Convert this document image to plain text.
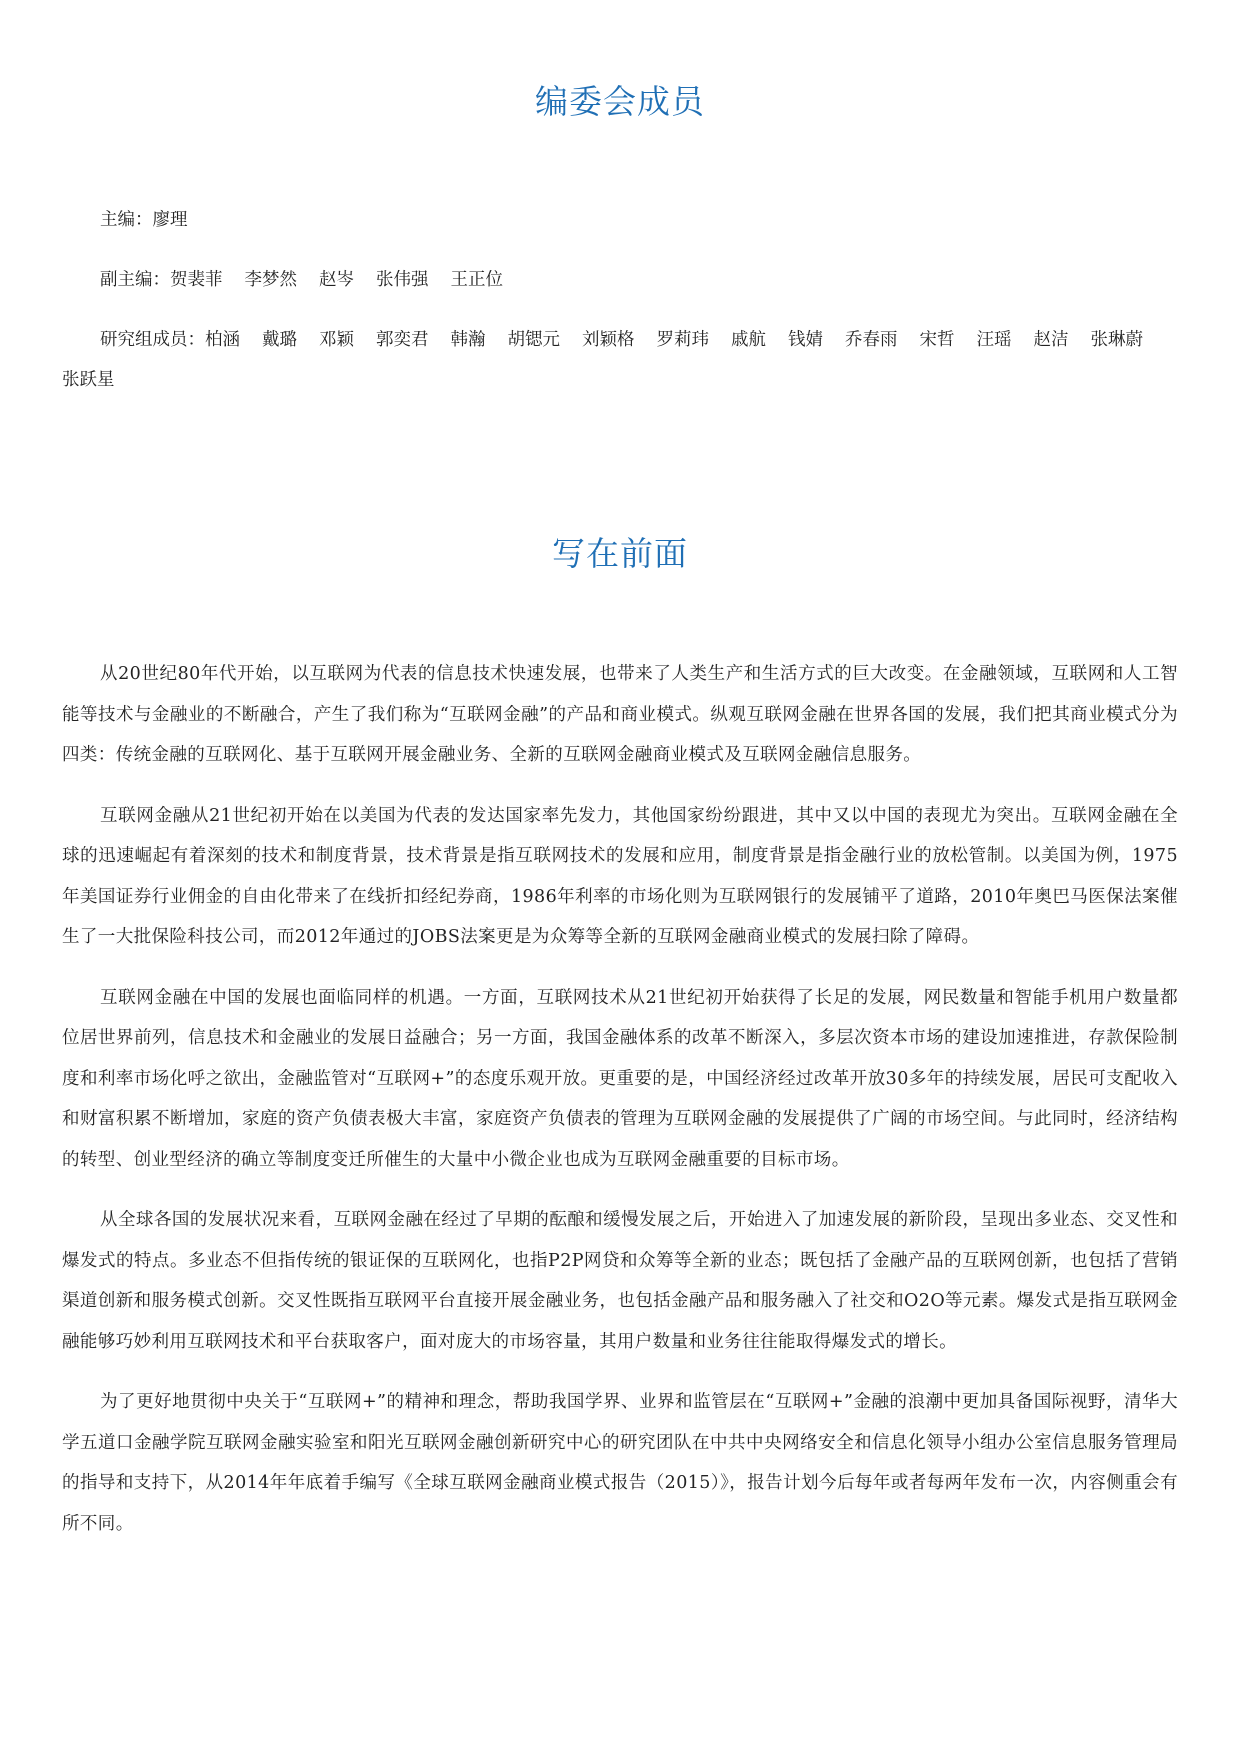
编委会成员

主编：廖理

副主编：贺裴菲 李梦然 赵岑 张伟强 王正位

研究组成员：柏涵 戴璐 邓颖 郭奕君 韩瀚 胡锶元 刘颖格 罗莉玮 戚航 钱婧 乔春雨 宋哲 汪瑶 赵洁 张琳蔚张跃星

写在前面

从20世纪80年代开始，以互联网为代表的信息技术快速发展，也带来了人类生产和生活方式的巨大改变。在金融领域，互联网和人工智能等技术与金融业的不断融合，产生了我们称为“互联网金融”的产品和商业模式。纵观互联网金融在世界各国的发展，我们把其商业模式分为四类：传统金融的互联网化、基于互联网开展金融业务、全新的互联网金融商业模式及互联网金融信息服务。

互联网金融从21世纪初开始在以美国为代表的发达国家率先发力，其他国家纷纷跟进，其中又以中国的表现尤为突出。互联网金融在全球的迅速崛起有着深刻的技术和制度背景，技术背景是指互联网技术的发展和应用，制度背景是指金融行业的放松管制。以美国为例，1975年美国证券行业佣金的自由化带来了在线折扣经纪券商，1986年利率的市场化则为互联网银行的发展铺平了道路，2010年奥巴马医保法案催生了一大批保险科技公司，而2012年通过的JOBS法案更是为众筹等全新的互联网金融商业模式的发展扫除了障碍。

互联网金融在中国的发展也面临同样的机遇。一方面，互联网技术从21世纪初开始获得了长足的发展，网民数量和智能手机用户数量都位居世界前列，信息技术和金融业的发展日益融合；另一方面，我国金融体系的改革不断深入，多层次资本市场的建设加速推进，存款保险制度和利率市场化呼之欲出，金融监管对“互联网+”的态度乐观开放。更重要的是，中国经济经过改革开放30多年的持续发展，居民可支配收入和财富积累不断增加，家庭的资产负债表极大丰富，家庭资产负债表的管理为互联网金融的发展提供了广阔的市场空间。与此同时，经济结构的转型、创业型经济的确立等制度变迁所催生的大量中小微企业也成为互联网金融重要的目标市场。

从全球各国的发展状况来看，互联网金融在经过了早期的酝酿和缓慢发展之后，开始进入了加速发展的新阶段，呈现出多业态、交叉性和爆发式的特点。多业态不但指传统的银证保的互联网化，也指P2P网贷和众筹等全新的业态；既包括了金融产品的互联网创新，也包括了营销渠道创新和服务模式创新。交叉性既指互联网平台直接开展金融业务，也包括金融产品和服务融入了社交和O2O等元素。爆发式是指互联网金融能够巧妙利用互联网技术和平台获取客户，面对庞大的市场容量，其用户数量和业务往往能取得爆发式的增长。

为了更好地贯彻中央关于“互联网+”的精神和理念，帮助我国学界、业界和监管层在“互联网+”金融的浪潮中更加具备国际视野，清华大学五道口金融学院互联网金融实验室和阳光互联网金融创新研究中心的研究团队在中共中央网络安全和信息化领导小组办公室信息服务管理局的指导和支持下，从2014年年底着手编写《全球互联网金融商业模式报告（2015）》，报告计划今后每年或者每两年发布一次，内容侧重会有所不同。
